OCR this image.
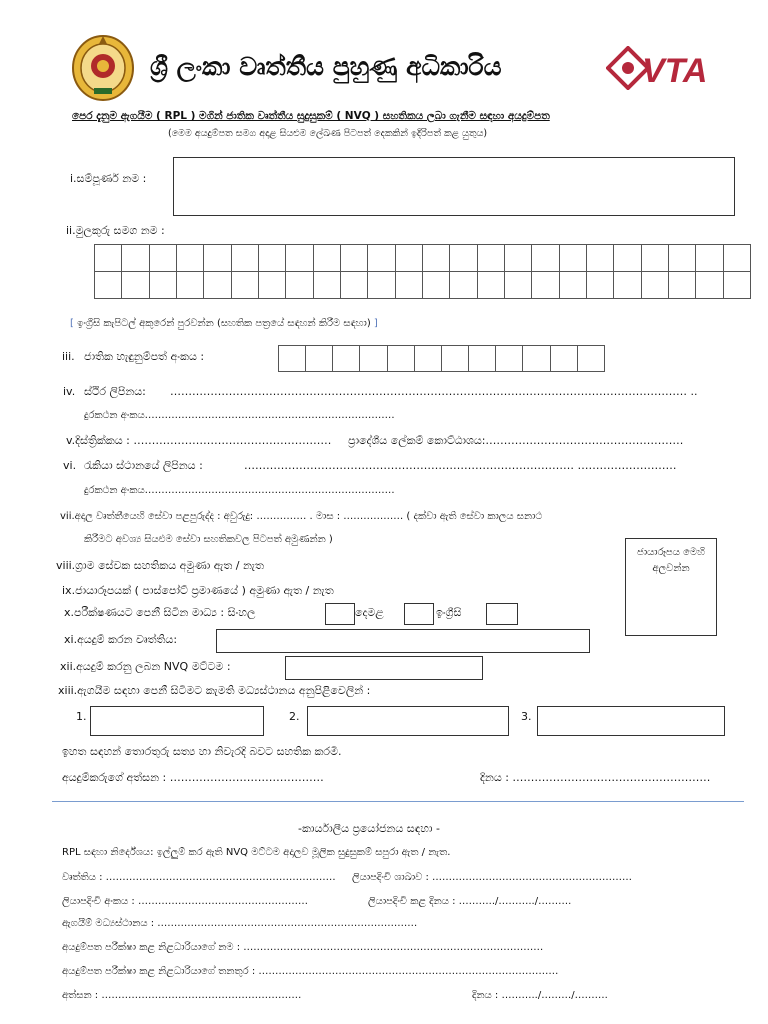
ශ්‍රී ලංකා වෘත්තීය පුහුණු අධිකාරිය	VTA
පෙර දැනුම ඇගයීම ( RPL ) මගින් ජාතික වෘත්තීය සුදුසුකම් ( NVQ ) සහතිකය ලබා ගැනීම සඳහා අයදුම්පත
(මෙම අයදුම්පත සමග අදාළ සියළුම ලේඛණ පිටපත් දෙකකින් ඉදිරිපත් කළ යුතුය)
i.සම්පූර්ණ නම :
ii.මුලකුරු සමග නම :
[ ඉංග්‍රීසි කැපිටල් අකුරෙන් පුරවන්න (සහතික පත්‍රයේ සඳහන් කිරීම සඳහා) ]
iii. ජාතික හැඳුනුම්පත් අංකය :
iv. ස්ථිර ලිපිනය: …………………………………………………………………………………………………………………………… ..
දුරකථන අංකය…………………………………………………………………
v.දිස්ත්‍රික්කය : ……………………………………………… ප්‍රාදේශීය ලේකම් කොට්ඨාශය:………………………………………………
vi. රැකියා ස්ථානයේ ලිපිනය :	……………………………………………………………………………… ………………………
දුරකථන අංකය…………………………………………………………………
vii.අදාල වෘත්තීයෙහි සේවා පළපුරුද්ද : අවුරුදු: …………… . මාස : ……………… ( දක්වා ඇති සේවා කාලය සනාථ
කිරීමට අවශ්‍ය සියළුම සේවා සහතිකවල පිටපත් අමුණන්න )
viii.ග්‍රාම සේවක සහතිකය අමුණා ඇත / නැත
ජායාරූපය මෙහි අලවන්න
ix.ජායාරූපයක් ( පාස්පෝට් ප්‍රමාණයේ ) අමුණා ඇත / නැත
x.පරීක්ෂණයට පෙනී සිටින මාධ්‍ය : සිංහල	දෙමළ	ඉංග්‍රීසි
xi.අයදුම් කරන වෘත්තිය:
xii.අයදුම් කරනු ලබන NVQ මට්ටම :
xiii.ඇගයීම සඳහා පෙනී සිටීමට කැමති මධ්‍යස්ථානය අනුපිළිවෙලින් :
1.	2.	3.
ඉහත සඳහන් තොරතුරු සත්‍ය හා නිවැරදි බවට සහතික කරමි.
අයදුම්කරුගේ අත්සන : ……………………………………	දිනය : ………………………………………………
-කාර්යාලීය ප්‍රයෝජනය සඳහා -
RPL සඳහා නිර්දේශය: ඉල්ලුම් කර ඇති NVQ මට්ටම අදාලව මූලික සුදුසුකම් සපුරා ඇත / නැත.
වෘත්තිය : …………………………………………………………… ලියාපදිංචි ශාඛාව : ……………………………………………………
ලියාපදිංචි අංකය : ……………………………………………	ලියාපදිංචි කළ දිනය : ………../………../……….
ඇගයීම් මධ්‍යස්ථානය : ……………………………………………………………………
අයදුම්පත පරීක්ෂා කළ නිළධාරියාගේ නම : ………………………………………………………………………………
අයදුම්පත පරීක්ෂා කළ නිළධාරියාගේ තනතුර : ………………………………………………………………………………
අත්සන : ……………………………………………………	දිනය : ………../………/……….
